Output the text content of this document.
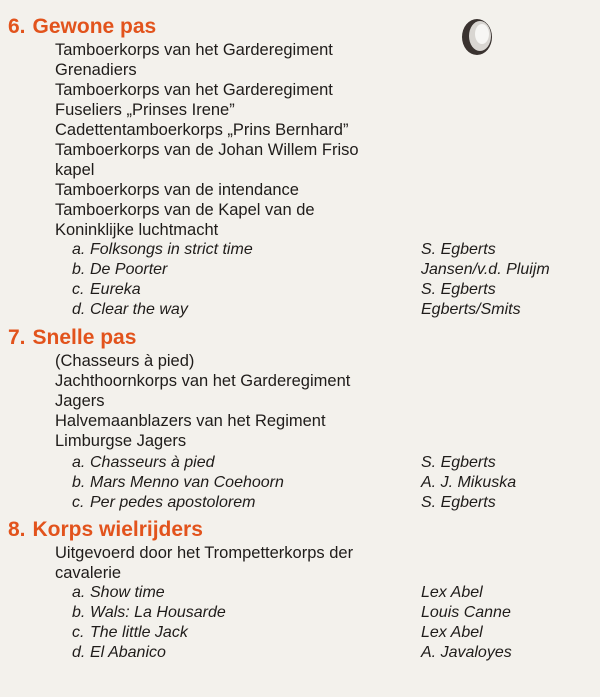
6. Gewone pas
Tamboerkorps van het Garderegiment
Grenadiers
Tamboerkorps van het Garderegiment
Fuseliers „Prinses Irene”
Cadettentamboerkorps „Prins Bernhard”
Tamboerkorps van de Johan Willem Friso
kapel
Tamboerkorps van de intendance
Tamboerkorps van de Kapel van de
Koninklijke luchtmacht
a. Folksongs in strict time	S. Egberts
b. De Poorter	Jansen/v.d. Pluijm
c. Eureka	S. Egberts
d. Clear the way	Egberts/Smits
7. Snelle pas
(Chasseurs à pied)
Jachthoornkorps van het Garderegiment
Jagers
Halvemaanblazers van het Regiment
Limburgse Jagers
a. Chasseurs à pied	S. Egberts
b. Mars Menno van Coehoorn	A. J. Mikuska
c. Per pedes apostolorem	S. Egberts
8. Korps wielrijders
Uitgevoerd door het Trompetterkorps der
cavalerie
a. Show time	Lex Abel
b. Wals: La Housarde	Louis Canne
c. The little Jack	Lex Abel
d. El Abanico	A. Javaloyes
